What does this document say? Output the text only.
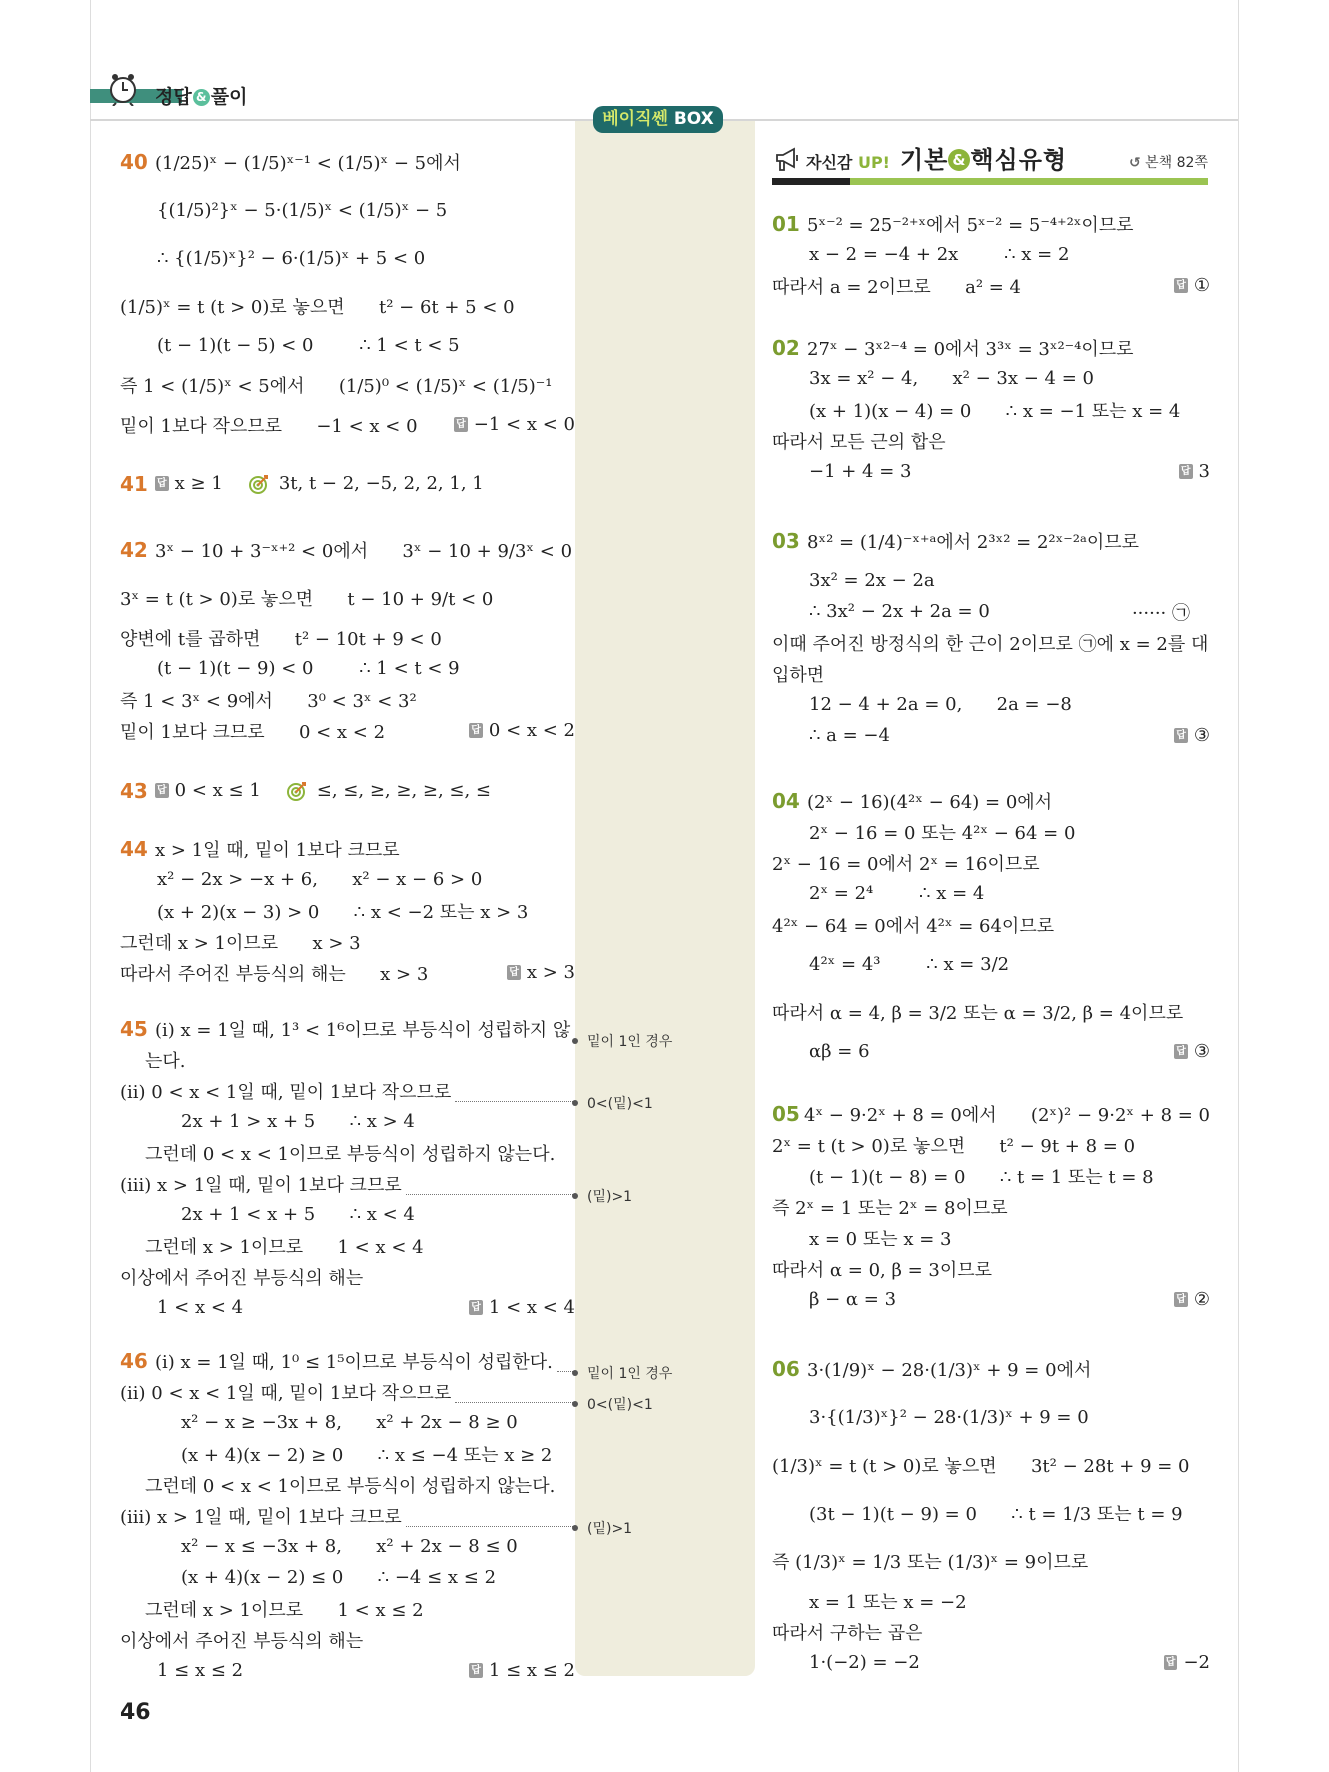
정답 & 풀이
베이직쎈 BOX
자신감 UP! 기본 & 핵심유형	↺ 본책 82쪽
40 (1/25)ˣ − (1/5)ˣ⁻¹ < (1/5)ˣ − 5에서
{(1/5)²}ˣ − 5·(1/5)ˣ < (1/5)ˣ − 5
∴ {(1/5)ˣ}² − 6·(1/5)ˣ + 5 < 0
(1/5)ˣ = t (t > 0)로 놓으면      t² − 6t + 5 < 0
(t − 1)(t − 5) < 0        ∴ 1 < t < 5
즉 1 < (1/5)ˣ < 5에서      (1/5)⁰ < (1/5)ˣ < (1/5)⁻¹
밑이 1보다 작으므로      −1 < x < 0	답 −1 < x < 0
41 답 x ≥ 1	3t, t − 2, −5, 2, 2, 1, 1
42 3ˣ − 10 + 3⁻ˣ⁺² < 0에서      3ˣ − 10 + 9/3ˣ < 0
3ˣ = t (t > 0)로 놓으면      t − 10 + 9/t < 0
양변에 t를 곱하면      t² − 10t + 9 < 0
(t − 1)(t − 9) < 0        ∴ 1 < t < 9
즉 1 < 3ˣ < 9에서      3⁰ < 3ˣ < 3²
밑이 1보다 크므로      0 < x < 2	답 0 < x < 2
43 답 0 < x ≤ 1	≤, ≤, ≥, ≥, ≥, ≤, ≤
44 x > 1일 때, 밑이 1보다 크므로
x² − 2x > −x + 6,      x² − x − 6 > 0
(x + 2)(x − 3) > 0      ∴ x < −2 또는 x > 3
그런데 x > 1이므로      x > 3
따라서 주어진 부등식의 해는      x > 3	답 x > 3
45 (i) x = 1일 때, 1³ < 1⁶이므로 부등식이 성립하지 않
밑이 1인 경우
는다.
(ii) 0 < x < 1일 때, 밑이 1보다 작으므로
0<(밑)<1
2x + 1 > x + 5      ∴ x > 4
그런데 0 < x < 1이므로 부등식이 성립하지 않는다.
(iii) x > 1일 때, 밑이 1보다 크므로
(밑)>1
2x + 1 < x + 5      ∴ x < 4
그런데 x > 1이므로      1 < x < 4
이상에서 주어진 부등식의 해는
1 < x < 4	답 1 < x < 4
46 (i) x = 1일 때, 1⁰ ≤ 1⁵이므로 부등식이 성립한다.
밑이 1인 경우
(ii) 0 < x < 1일 때, 밑이 1보다 작으므로
0<(밑)<1
x² − x ≥ −3x + 8,      x² + 2x − 8 ≥ 0
(x + 4)(x − 2) ≥ 0      ∴ x ≤ −4 또는 x ≥ 2
그런데 0 < x < 1이므로 부등식이 성립하지 않는다.
(iii) x > 1일 때, 밑이 1보다 크므로
(밑)>1
x² − x ≤ −3x + 8,      x² + 2x − 8 ≤ 0
(x + 4)(x − 2) ≤ 0      ∴ −4 ≤ x ≤ 2
그런데 x > 1이므로      1 < x ≤ 2
이상에서 주어진 부등식의 해는
1 ≤ x ≤ 2	답 1 ≤ x ≤ 2
01 5ˣ⁻² = 25⁻²⁺ˣ에서 5ˣ⁻² = 5⁻⁴⁺²ˣ이므로
x − 2 = −4 + 2x        ∴ x = 2
따라서 a = 2이므로      a² = 4	답 ①
02 27ˣ − 3ˣ²⁻⁴ = 0에서 3³ˣ = 3ˣ²⁻⁴이므로
3x = x² − 4,      x² − 3x − 4 = 0
(x + 1)(x − 4) = 0      ∴ x = −1 또는 x = 4
따라서 모든 근의 합은
−1 + 4 = 3	답 3
03 8ˣ² = (1/4)⁻ˣ⁺ᵃ에서 2³ˣ² = 2²ˣ⁻²ᵃ이므로
3x² = 2x − 2a
∴ 3x² − 2x + 2a = 0	······ ㉠
이때 주어진 방정식의 한 근이 2이므로 ㉠에 x = 2를 대
입하면
12 − 4 + 2a = 0,      2a = −8
∴ a = −4	답 ③
04 (2ˣ − 16)(4²ˣ − 64) = 0에서
2ˣ − 16 = 0 또는 4²ˣ − 64 = 0
2ˣ − 16 = 0에서 2ˣ = 16이므로
2ˣ = 2⁴        ∴ x = 4
4²ˣ − 64 = 0에서 4²ˣ = 64이므로
4²ˣ = 4³        ∴ x = 3/2
따라서 α = 4, β = 3/2 또는 α = 3/2, β = 4이므로
αβ = 6	답 ③
05 4ˣ − 9·2ˣ + 8 = 0에서      (2ˣ)² − 9·2ˣ + 8 = 0
2ˣ = t (t > 0)로 놓으면      t² − 9t + 8 = 0
(t − 1)(t − 8) = 0      ∴ t = 1 또는 t = 8
즉 2ˣ = 1 또는 2ˣ = 8이므로
x = 0 또는 x = 3
따라서 α = 0, β = 3이므로
β − α = 3	답 ②
06 3·(1/9)ˣ − 28·(1/3)ˣ + 9 = 0에서
3·{(1/3)ˣ}² − 28·(1/3)ˣ + 9 = 0
(1/3)ˣ = t (t > 0)로 놓으면      3t² − 28t + 9 = 0
(3t − 1)(t − 9) = 0      ∴ t = 1/3 또는 t = 9
즉 (1/3)ˣ = 1/3 또는 (1/3)ˣ = 9이므로
x = 1 또는 x = −2
따라서 구하는 곱은
1·(−2) = −2	답 −2
46
